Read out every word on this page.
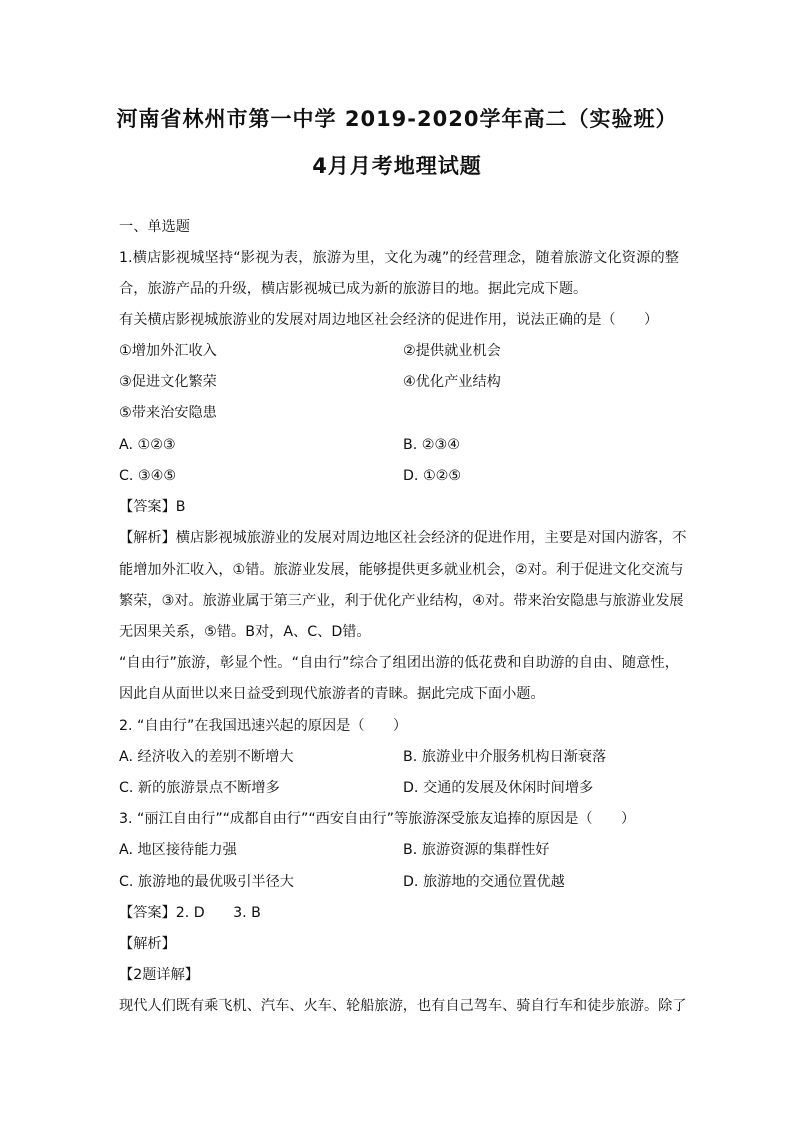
河南省林州市第一中学 2019-2020学年高二（实验班）
4月月考地理试题
一、单选题
1.横店影视城坚持“影视为表，旅游为里，文化为魂”的经营理念，随着旅游文化资源的整
合，旅游产品的升级，横店影视城已成为新的旅游目的地。据此完成下题。
有关横店影视城旅游业的发展对周边地区社会经济的促进作用，说法正确的是（　　）
①增加外汇收入	②提供就业机会
③促进文化繁荣	④优化产业结构
⑤带来治安隐患
A. ①②③	B. ②③④
C. ③④⑤	D. ①②⑤
【答案】B
【解析】横店影视城旅游业的发展对周边地区社会经济的促进作用，主要是对国内游客，不
能增加外汇收入，①错。旅游业发展，能够提供更多就业机会，②对。利于促进文化交流与
繁荣，③对。旅游业属于第三产业，利于优化产业结构，④对。带来治安隐患与旅游业发展
无因果关系，⑤错。B对，A、C、D错。
“自由行”旅游，彰显个性。“自由行”综合了组团出游的低花费和自助游的自由、随意性，
因此自从面世以来日益受到现代旅游者的青睐。据此完成下面小题。
2. “自由行”在我国迅速兴起的原因是（　　）
A. 经济收入的差别不断增大	B. 旅游业中介服务机构日渐衰落
C. 新的旅游景点不断增多	D. 交通的发展及休闲时间增多
3. “丽江自由行”“成都自由行”“西安自由行”等旅游深受旅友追捧的原因是（　　）
A. 地区接待能力强	B. 旅游资源的集群性好
C. 旅游地的最优吸引半径大	D. 旅游地的交通位置优越
【答案】2. D　　3. B
【解析】
【2题详解】
现代人们既有乘飞机、汽车、火车、轮船旅游，也有自己驾车、骑自行车和徒步旅游。除了
